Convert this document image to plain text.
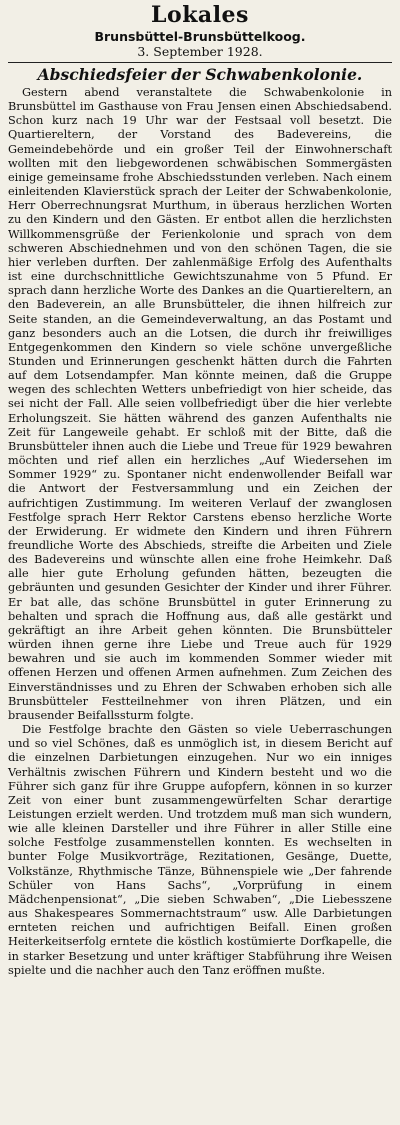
Lokales
Brunsbüttel-Brunsbüttelkoog.
3. September 1928.
Abschiedsfeier der Schwabenkolonie.

Gestern abend veranstaltete die Schwabenkolonie in Brunsbüttel im Gasthause von Frau Jensen einen Abschiedsabend. Schon kurz nach 19 Uhr war der Festsaal voll besetzt. Die Quartiereltern, der Vorstand des Badevereins, die Gemeindebehörde und ein großer Teil der Einwohnerschaft wollten mit den liebgewordenen schwäbischen Sommergästen einige gemeinsame frohe Abschiedsstunden verleben. Nach einem einleitenden Klavierstück sprach der Leiter der Schwabenkolonie, Herr Oberrechnungsrat Murthum, in überaus herzlichen Worten zu den Kindern und den Gästen. Er entbot allen die herzlichsten Willkommensgrüße der Ferienkolonie und sprach von dem schweren Abschiednehmen und von den schönen Tagen, die sie hier verleben durften. Der zahlenmäßige Erfolg des Aufenthalts ist eine durchschnittliche Gewichtszunahme von 5 Pfund. Er sprach dann herzliche Worte des Dankes an die Quartiereltern, an den Badeverein, an alle Brunsbütteler, die ihnen hilfreich zur Seite standen, an die Gemeindeverwaltung, an das Postamt und ganz besonders auch an die Lotsen, die durch ihr freiwilliges Entgegenkommen den Kindern so viele schöne unvergeßliche Stunden und Erinnerungen geschenkt hätten durch die Fahrten auf dem Lotsendampfer. Man könnte meinen, daß die Gruppe wegen des schlechten Wetters unbefriedigt von hier scheide, das sei nicht der Fall. Alle seien vollbefriedigt über die hier verlebte Erholungszeit. Sie hätten während des ganzen Aufenthalts nie Zeit für Langeweile gehabt. Er schloß mit der Bitte, daß die Brunsbütteler ihnen auch die Liebe und Treue für 1929 bewahren möchten und rief allen ein herzliches „Auf Wiedersehen im Sommer 1929“ zu. Spontaner nicht endenwollender Beifall war die Antwort der Festversammlung und ein Zeichen der aufrichtigen Zustimmung. Im weiteren Verlauf der zwanglosen Festfolge sprach Herr Rektor Carstens ebenso herzliche Worte der Erwiderung. Er widmete den Kindern und ihren Führern freundliche Worte des Abschieds, streifte die Arbeiten und Ziele des Badevereins und wünschte allen eine frohe Heimkehr. Daß alle hier gute Erholung gefunden hätten, bezeugten die gebräunten und gesunden Gesichter der Kinder und ihrer Führer. Er bat alle, das schöne Brunsbüttel in guter Erinnerung zu behalten und sprach die Hoffnung aus, daß alle gestärkt und gekräftigt an ihre Arbeit gehen könnten. Die Brunsbütteler würden ihnen gerne ihre Liebe und Treue auch für 1929 bewahren und sie auch im kommenden Sommer wieder mit offenen Herzen und offenen Armen aufnehmen. Zum Zeichen des Einverständnisses und zu Ehren der Schwaben erhoben sich alle Brunsbütteler Festteilnehmer von ihren Plätzen, und ein brausender Beifallssturm folgte.

Die Festfolge brachte den Gästen so viele Ueberraschungen und so viel Schönes, daß es unmöglich ist, in diesem Bericht auf die einzelnen Darbietungen einzugehen. Nur wo ein inniges Verhältnis zwischen Führern und Kindern besteht und wo die Führer sich ganz für ihre Gruppe aufopfern, können in so kurzer Zeit von einer bunt zusammengewürfelten Schar derartige Leistungen erzielt werden. Und trotzdem muß man sich wundern, wie alle kleinen Darsteller und ihre Führer in aller Stille eine solche Festfolge zusammenstellen konnten. Es wechselten in bunter Folge Musikvorträge, Rezitationen, Gesänge, Duette, Volkstänze, Rhythmische Tänze, Bühnenspiele wie „Der fahrende Schüler von Hans Sachs“, „Vorprüfung in einem Mädchenpensionat“, „Die sieben Schwaben“, „Die Liebesszene aus Shakespeares Sommernachtstraum“ usw. Alle Darbietungen ernteten reichen und aufrichtigen Beifall. Einen großen Heiterkeitserfolg erntete die köstlich kostümierte Dorfkapelle, die in starker Besetzung und unter kräftiger Stabführung ihre Weisen spielte und die nachher auch den Tanz eröffnen mußte.
